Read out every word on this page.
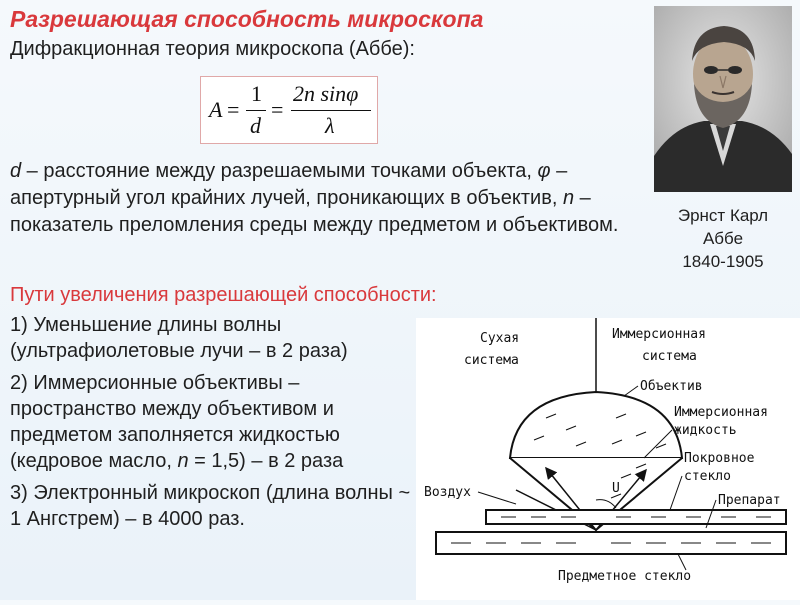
Разрешающая способность микроскопа
Дифракционная теория микроскопа (Аббе):
A =
1
d
=
2n sinφ
λ
d – расстояние между разрешаемыми точками объекта, φ – апертурный угол крайних лучей, проникающих в объектив, n – показатель преломления среды между предметом и объективом.	Эрнст Карл
Аббе
1840-1905
Пути увеличения разрешающей способности:
1) Уменьшение длины волны (ультрафиолетовые лучи – в 2 раза)
2) Иммерсионные объективы – пространство между объективом и предметом заполняется жидкостью (кедровое масло, n = 1,5) – в 2 раза
3) Электронный микроскоп (длина волны ~ 1 Ангстрем) – в 4000 раз.
Сухая
система
Иммерсионная
система
U
Объектив
Иммерсионная
жидкость
Покровное
стекло
Препарат
Воздух
Предметное стекло
